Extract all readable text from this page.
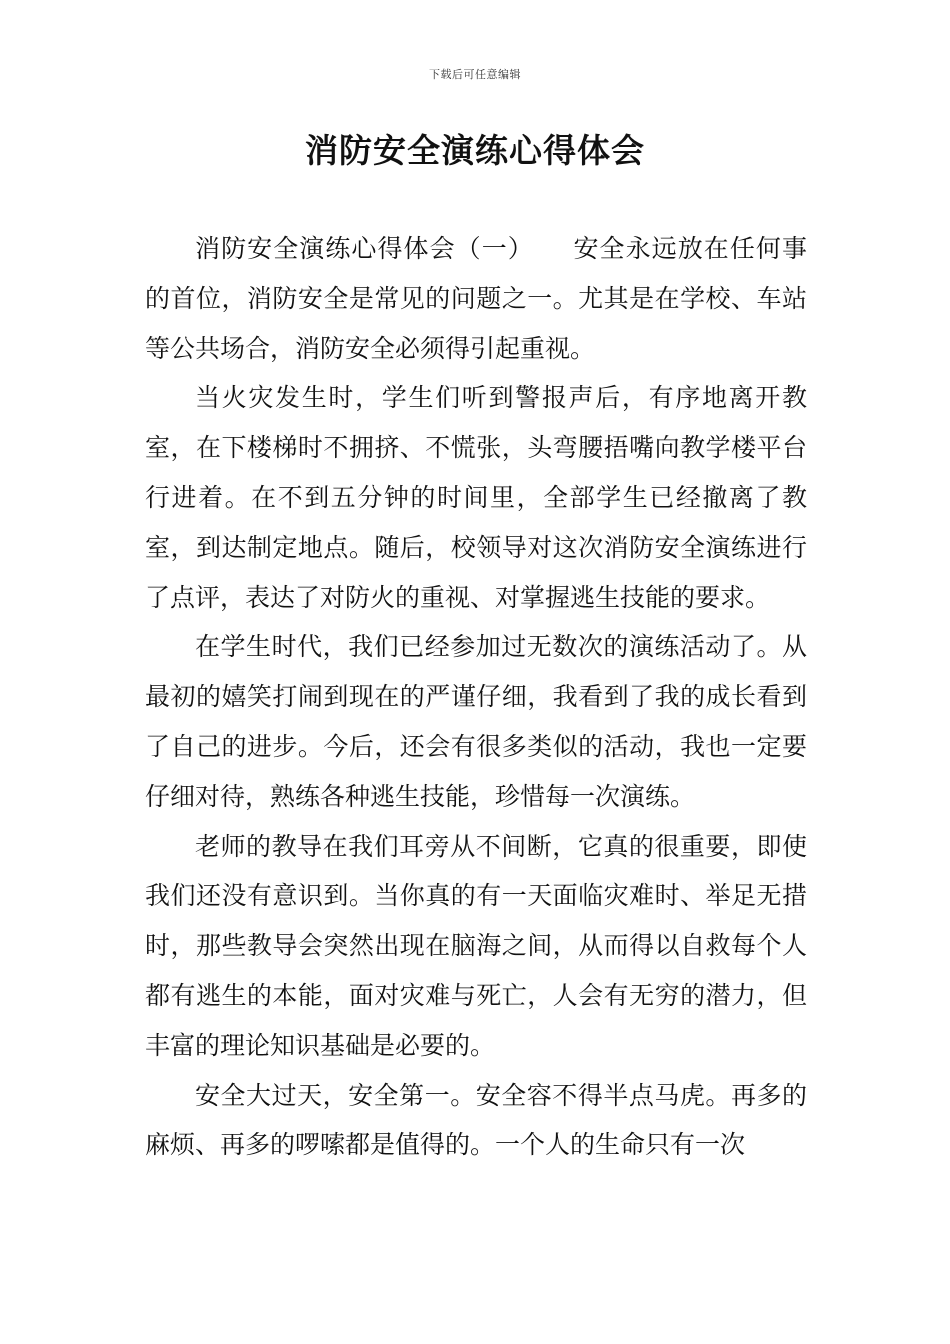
下载后可任意编辑
消防安全演练心得体会

消防安全演练心得体会（一）　　安全永远放在任何事的首位，消防安全是常见的问题之一。尤其是在学校、车站等公共场合，消防安全必须得引起重视。

当火灾发生时，学生们听到警报声后，有序地离开教室，在下楼梯时不拥挤、不慌张，头弯腰捂嘴向教学楼平台行进着。在不到五分钟的时间里，全部学生已经撤离了教室，到达制定地点。随后，校领导对这次消防安全演练进行了点评，表达了对防火的重视、对掌握逃生技能的要求。

在学生时代，我们已经参加过无数次的演练活动了。从最初的嬉笑打闹到现在的严谨仔细，我看到了我的成长看到了自己的进步。今后，还会有很多类似的活动，我也一定要仔细对待，熟练各种逃生技能，珍惜每一次演练。

老师的教导在我们耳旁从不间断，它真的很重要，即使我们还没有意识到。当你真的有一天面临灾难时、举足无措时，那些教导会突然出现在脑海之间，从而得以自救每个人都有逃生的本能，面对灾难与死亡，人会有无穷的潜力，但丰富的理论知识基础是必要的。

安全大过天，安全第一。安全容不得半点马虎。再多的麻烦、再多的啰嗦都是值得的。一个人的生命只有一次
